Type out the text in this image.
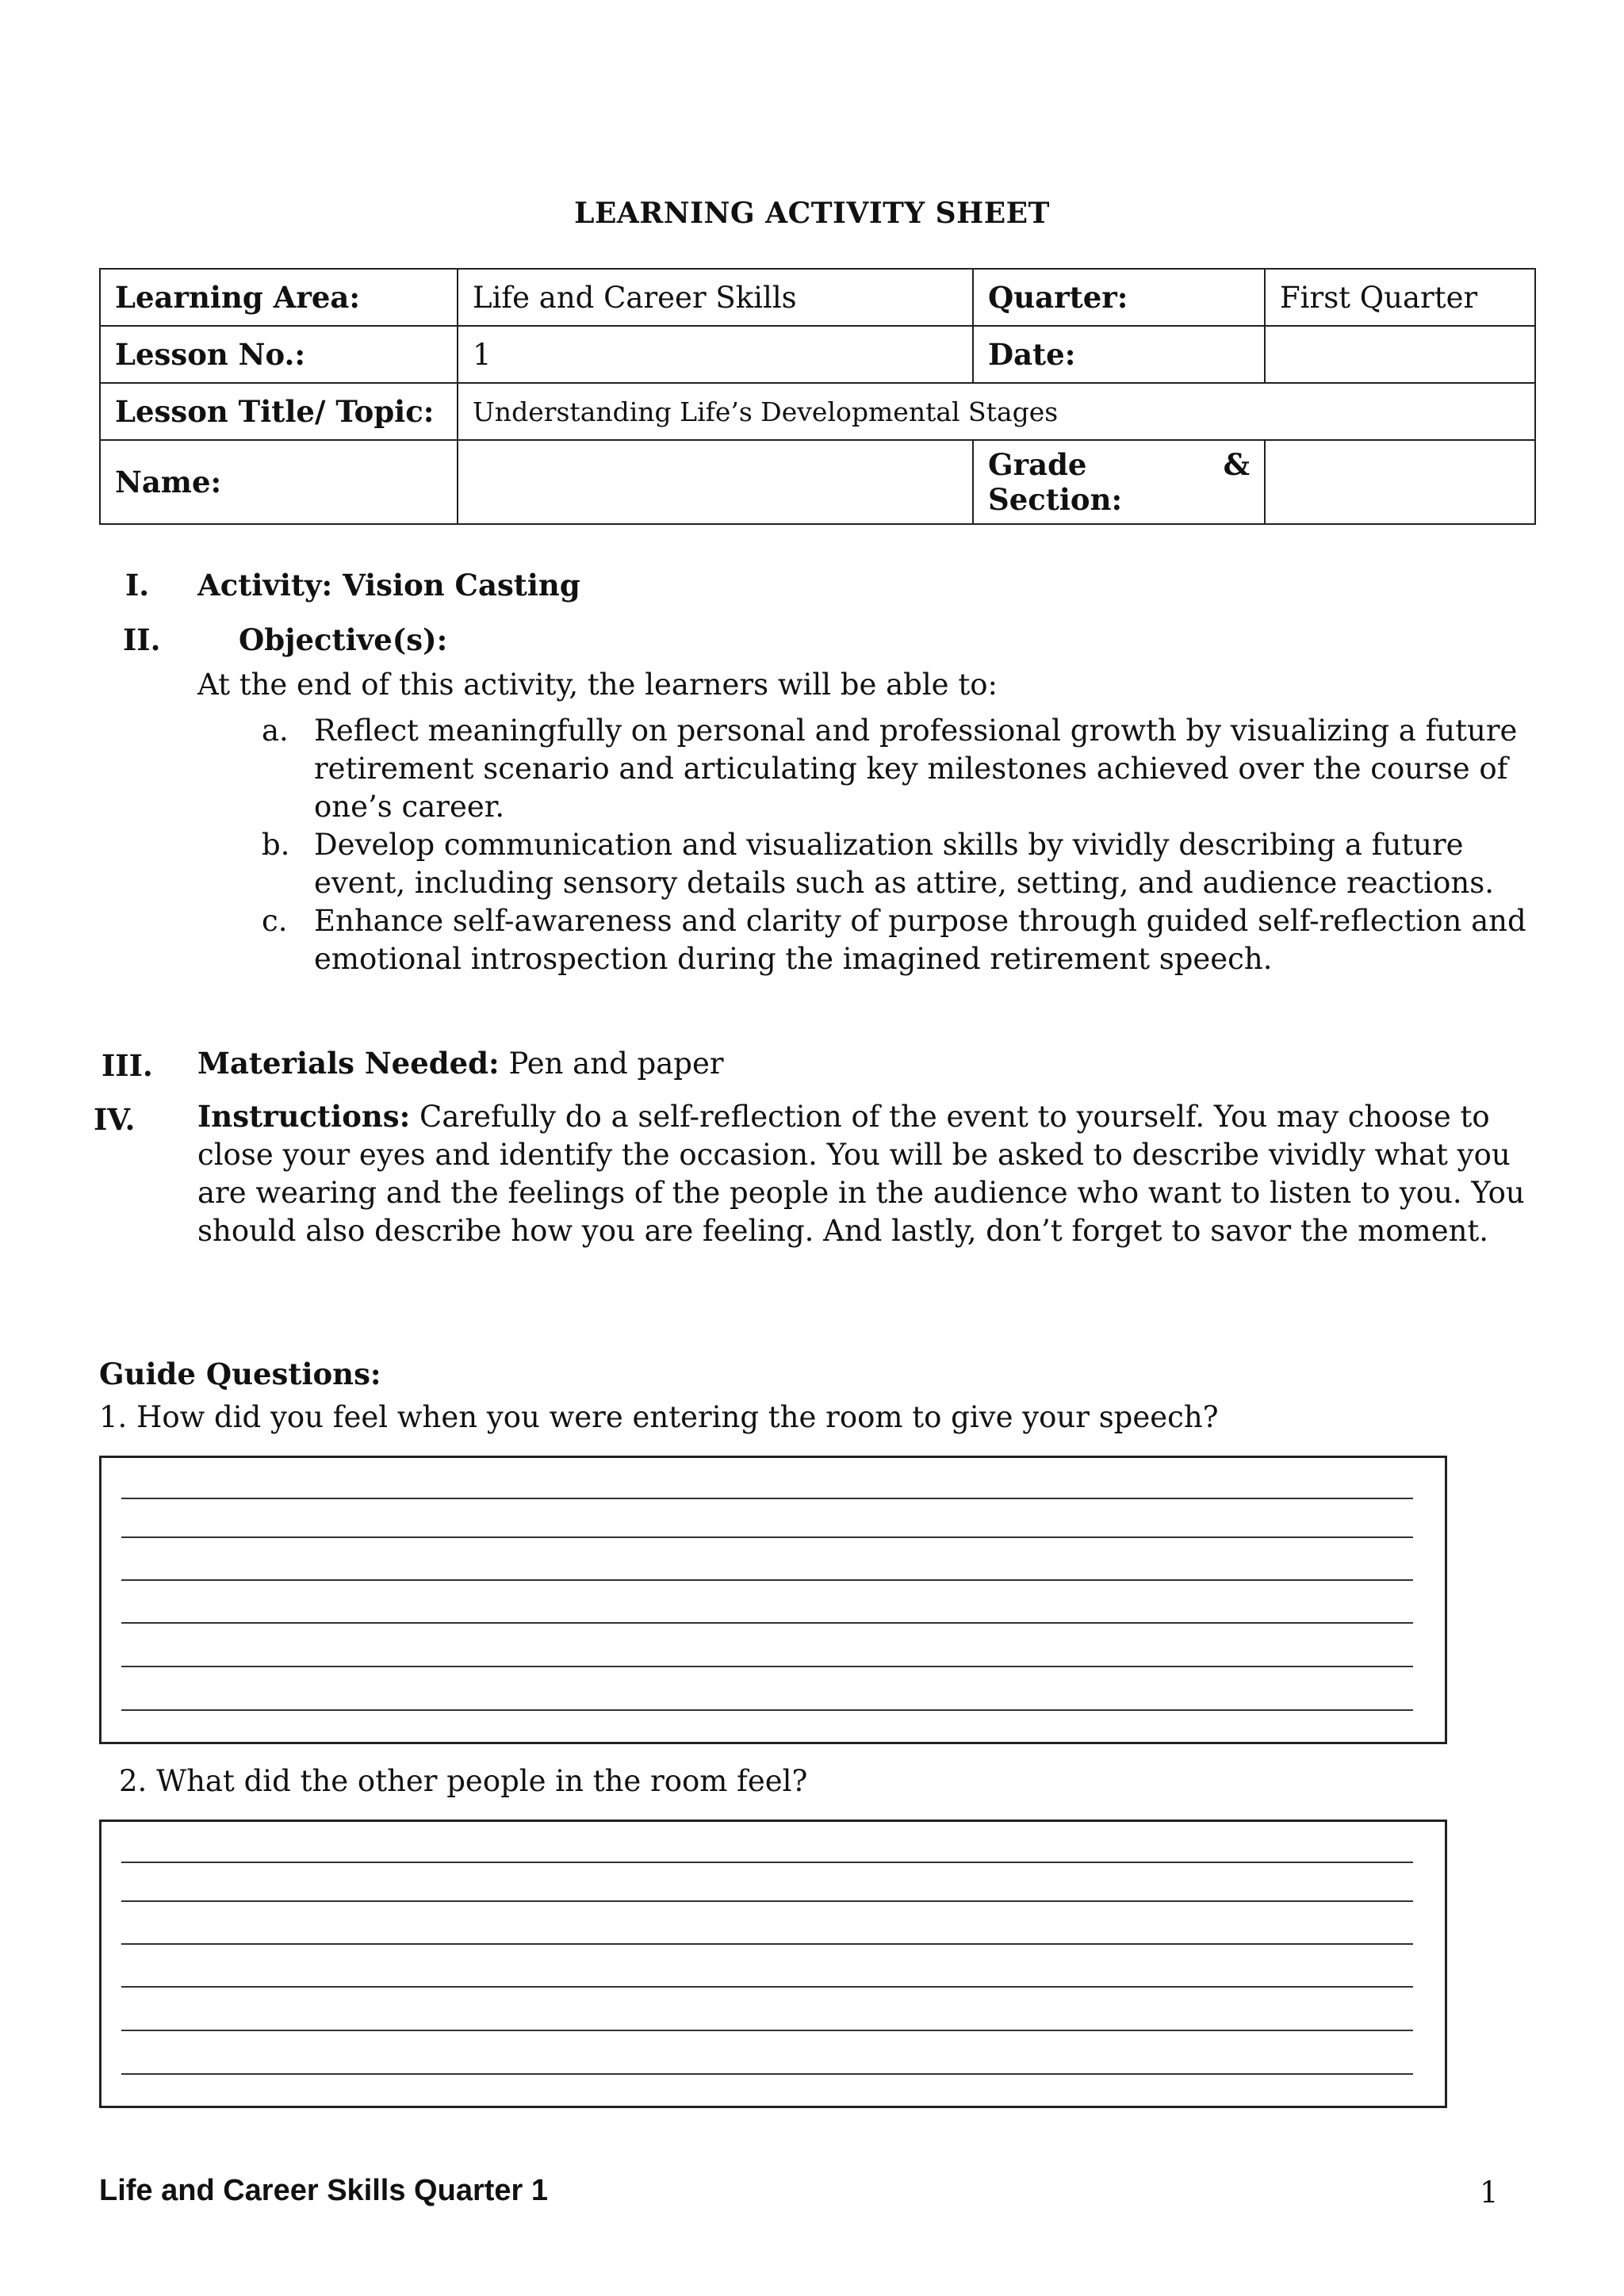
LEARNING ACTIVITY SHEET
Learning Area:	Life and Career Skills	Quarter:	First Quarter
Lesson No.:	1	Date:	
Lesson Title/ Topic:	Understanding Life’s Developmental Stages		
Name:		Grade &
Section:	

I. Activity: Vision Casting
II.	Objective(s):
At the end of this activity, the learners will be able to:
a. Reflect meaningfully on personal and professional growth by visualizing a future retirement scenario and articulating key milestones achieved over the course of one’s career.
b. Develop communication and visualization skills by vividly describing a future event, including sensory details such as attire, setting, and audience reactions.
c. Enhance self-awareness and clarity of purpose through guided self-reflection and emotional introspection during the imagined retirement speech.
III. Materials Needed: Pen and paper
IV. Instructions: Carefully do a self-reflection of the event to yourself. You may choose to close your eyes and identify the occasion. You will be asked to describe vividly what you are wearing and the feelings of the people in the audience who want to listen to you. You should also describe how you are feeling. And lastly, don’t forget to savor the moment.
Guide Questions:
1. How did you feel when you were entering the room to give your speech?
2. What did the other people in the room feel?
Life and Career Skills Quarter 1	1
